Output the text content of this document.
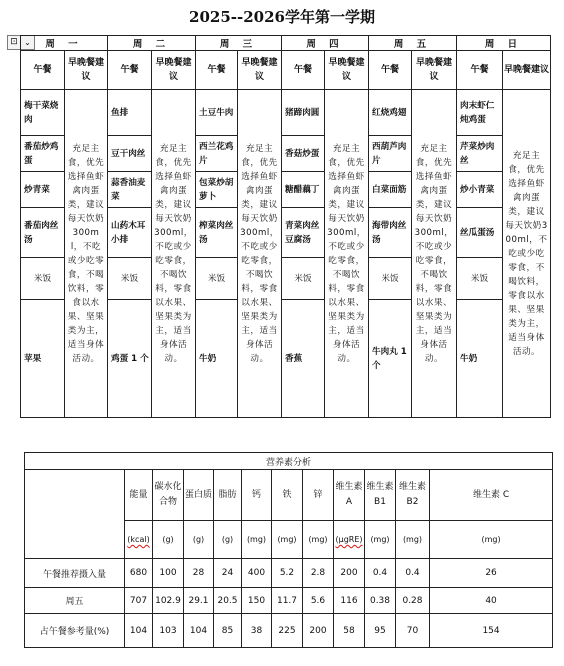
2025--2026学年第一学期
⊡ ⌄	周 一		周 二		周 三		周 四		周 五		周 日	
午餐	早晚餐建议	午餐	早晚餐建议	午餐	早晚餐建议	午餐	早晚餐建议	午餐	早晚餐建议	午餐	早晚餐建议
梅干菜烧肉	充足主食，优先选择鱼虾禽肉蛋类，建议每天饮奶300ml，不吃或少吃零食，不喝饮料，零食以水果、坚果类为主，适当身体活动。	鱼排	充足主食，优先选择鱼虾禽肉蛋类，建议每天饮奶300ml，不吃或少吃零食，不喝饮料，零食以水果、坚果类为主，适当身体活动。	土豆牛肉	充足主食，优先选择鱼虾禽肉蛋类，建议每天饮奶300ml，不吃或少吃零食，不喝饮料，零食以水果、坚果类为主，适当身体活动。	猪蹄肉圆	充足主食，优先选择鱼虾禽肉蛋类，建议每天饮奶300ml，不吃或少吃零食，不喝饮料，零食以水果、坚果类为主，适当身体活动。	红烧鸡翅	充足主食，优先选择鱼虾禽肉蛋类，建议每天饮奶300ml，不吃或少吃零食，不喝饮料，零食以水果、坚果类为主，适当身体活动。	肉末虾仁炖鸡蛋	充足主食，优先选择鱼虾禽肉蛋类，建议每天饮奶300ml，不吃或少吃零食，不喝饮料，零食以水果、坚果类为主，适当身体活动。

番茄炒鸡蛋		豆干肉丝		西兰花鸡片		香菇炒蛋		西葫芦肉片		芹菜炒肉丝	
炒青菜		蒜香油麦菜		包菜炒胡萝卜		糖醋藕丁		白菜面筋		炒小青菜	
番茄肉丝汤		山药木耳小排		榨菜肉丝汤		青菜肉丝豆腐汤		海带肉丝汤		丝瓜蛋汤	
米饭		米饭		米饭		米饭		米饭		米饭	
苹果		鸡蛋 1 个		牛奶		香蕉		牛肉丸 1 个		牛奶	
营养素分析											
	能量	碳水化合物	蛋白质	脂肪	钙	铁	锌	维生素A	维生素B1	维生素B2	维生素 C
	(kcal)	(g)	(g)	(g)	(mg)	(mg)	(mg)	(μgRE)	(mg)	(mg)	(mg)
午餐推荐摄入量	680	100	28	24	400	5.2	2.8	200	0.4	0.4	26
周五	707	102.9	29.1	20.5	150	11.7	5.6	116	0.38	0.28	40
占午餐参考量(%)	104	103	104	85	38	225	200	58	95	70	154
